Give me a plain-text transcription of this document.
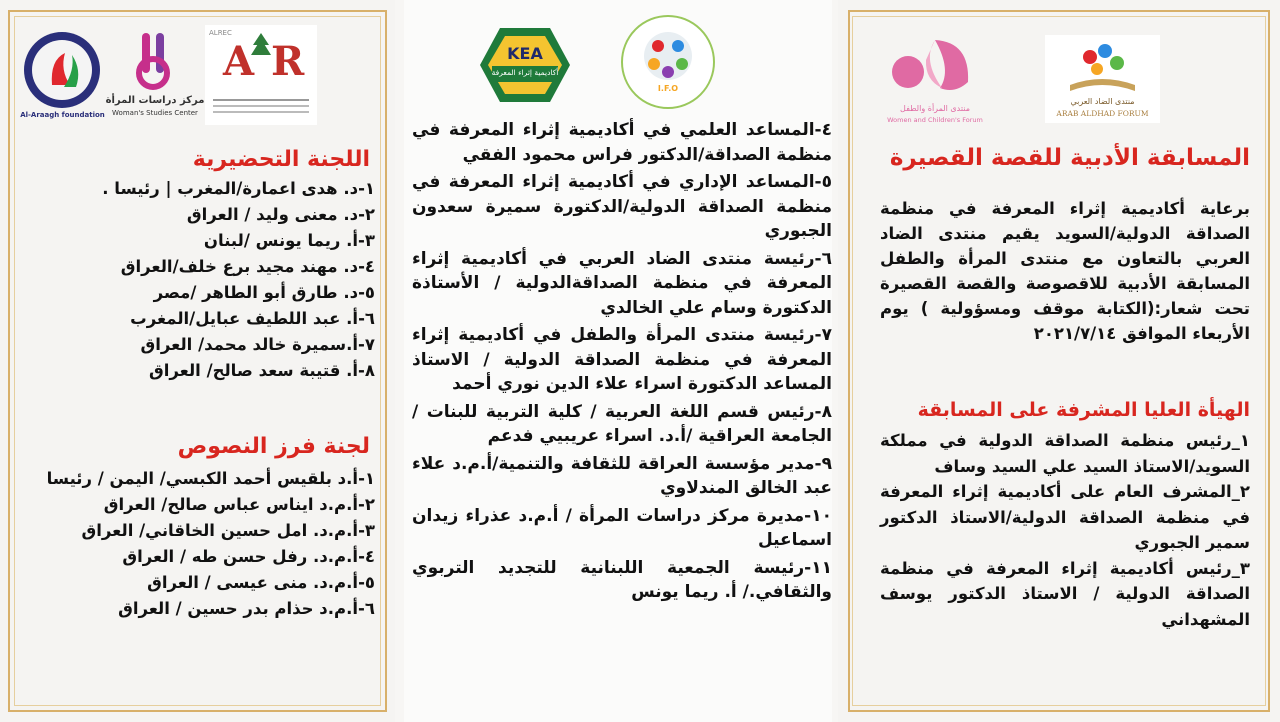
Al-Araagh foundation
مركز دراسات المرأة
Woman's Studies Center
A R
ALREC
KEA
أكاديمية إثراء المعرفة
I.F.O
منتدى المرأة والطفل
Women and Children's Forum
منتدى الضاد العربي
ARAB ALDHAD FORUM
اللجنة التحضيرية
١-د. هدى اعمارة/المغرب | رئيسا .
٢-د. معنى وليد / العراق
٣-أ. ريما يونس /لبنان
٤-د. مهند مجيد برع خلف/العراق
٥-د. طارق أبو الطاهر /مصر
٦-أ. عبد اللطيف عبايل/المغرب
٧-أ.سميرة خالد محمد/ العراق
٨-أ. قتيبة سعد صالح/ العراق
لجنة فرز النصوص
١-أ.د بلقيس أحمد الكبسي/ اليمن / رئيسا
٢-أ.م.د ايناس عباس صالح/ العراق
٣-أ.م.د. امل حسين الخاقاني/ العراق
٤-أ.م.د. رفل حسن طه / العراق
٥-أ.م.د. منى عيسى / العراق
٦-أ.م.د حذام بدر حسين / العراق
٤-المساعد العلمي في أكاديمية إثراء المعرفة في منظمة الصداقة/الدكتور فراس محمود الفقي
٥-المساعد الإداري في أكاديمية إثراء المعرفة في منظمة الصداقة الدولية/الدكتورة سميرة سعدون الجبوري
٦-رئيسة منتدى الضاد العربي في أكاديمية إثراء المعرفة في منظمة الصداقةالدولية / الأستاذة الدكتورة وسام علي الخالدي
٧-رئيسة منتدى المرأة والطفل في أكاديمية إثراء المعرفة في منظمة الصداقة الدولية / الاستاذ المساعد الدكتورة اسراء علاء الدين نوري أحمد
٨-رئيس قسم اللغة العربية / كلية التربية للبنات / الجامعة العراقية /أ.د. اسراء عريبيي فدعم
٩-مدير مؤسسة العراقة للثقافة والتنمية/أ.م.د علاء عبد الخالق المندلاوي
١٠-مديرة مركز دراسات المرأة / أ.م.د عذراء زيدان اسماعيل
١١-رئيسة الجمعية اللبنانية للتجديد التربوي والثقافي./ أ. ريما يونس
المسابقة الأدبية للقصة القصيرة
برعاية أكاديمية إثراء المعرفة في منظمة الصداقة الدولية/السويد يقيم منتدى الضاد العربي بالتعاون مع منتدى المرأة والطفل المسابقة الأدبية للاقصوصة والقصة القصيرة تحت شعار:(الكتابة موقف ومسؤولية ) يوم الأربعاء الموافق ٢٠٢١/٧/١٤
الهيأة العليا المشرفة على المسابقة
١_رئيس منظمة الصداقة الدولية في مملكة السويد/الاستاذ السيد علي السيد وساف
٢_المشرف العام على أكاديمية إثراء المعرفة في منظمة الصداقة الدولية/الاستاذ الدكتور سمير الجبوري
٣_رئيس أكاديمية إثراء المعرفة في منظمة الصداقة الدولية / الاستاذ الدكتور يوسف المشهداني
